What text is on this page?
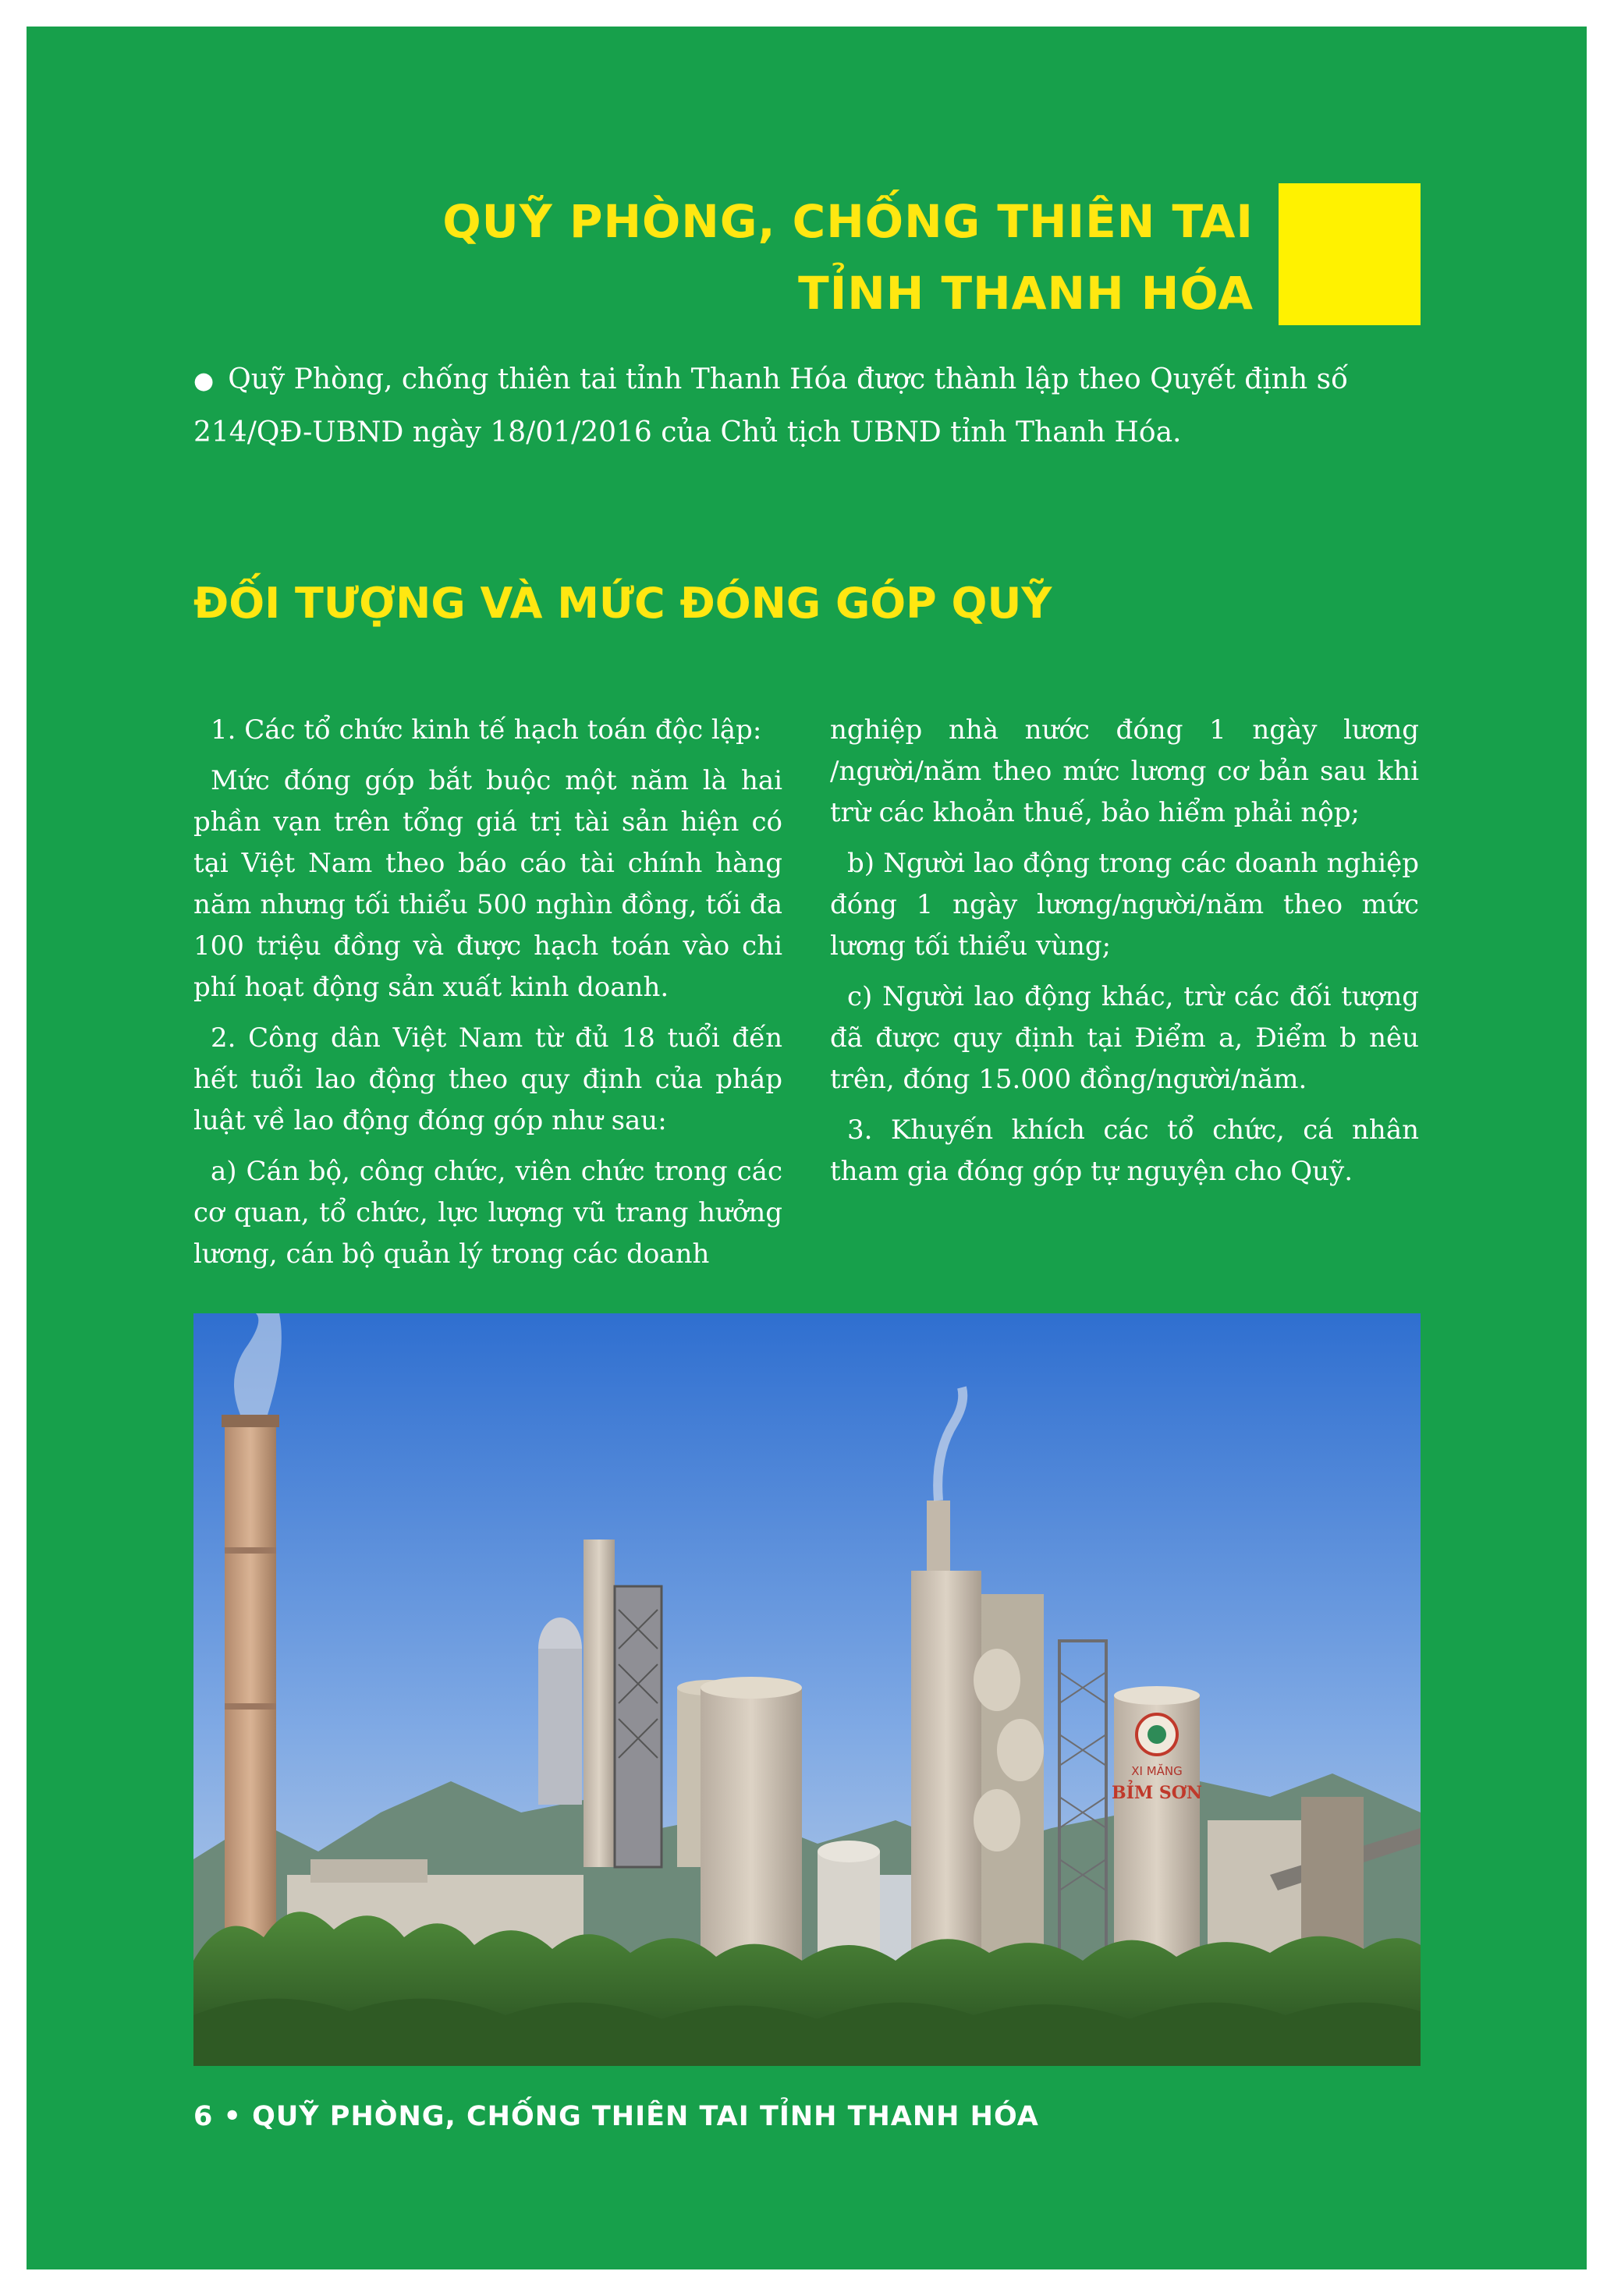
QUỸ PHÒNG, CHỐNG THIÊN TAI
TỈNH THANH HÓA
● Quỹ Phòng, chống thiên tai tỉnh Thanh Hóa được thành lập theo Quyết định số 214/QĐ-UBND ngày 18/01/2016 của Chủ tịch UBND tỉnh Thanh Hóa.
ĐỐI TƯỢNG VÀ MỨC ĐÓNG GÓP QUỸ

1. Các tổ chức kinh tế hạch toán độc lập:

Mức đóng góp bắt buộc một năm là hai phần vạn trên tổng giá trị tài sản hiện có tại Việt Nam theo báo cáo tài chính hàng năm nhưng tối thiểu 500 nghìn đồng, tối đa 100 triệu đồng và được hạch toán vào chi phí hoạt động sản xuất kinh doanh.

2. Công dân Việt Nam từ đủ 18 tuổi đến hết tuổi lao động theo quy định của pháp luật về lao động đóng góp như sau:

a) Cán bộ, công chức, viên chức trong các cơ quan, tổ chức, lực lượng vũ trang hưởng lương, cán bộ quản lý trong các doanh

nghiệp nhà nước đóng 1 ngày lương /người/năm theo mức lương cơ bản sau khi trừ các khoản thuế, bảo hiểm phải nộp;

b) Người lao động trong các doanh nghiệp đóng 1 ngày lương/người/năm theo mức lương tối thiểu vùng;

c) Người lao động khác, trừ các đối tượng đã được quy định tại Điểm a, Điểm b nêu trên, đóng 15.000 đồng/người/năm.

3. Khuyến khích các tổ chức, cá nhân tham gia đóng góp tự nguyện cho Quỹ.

XI MĂNG
BỈM SƠN
6 • QUỸ PHÒNG, CHỐNG THIÊN TAI TỈNH THANH HÓA
